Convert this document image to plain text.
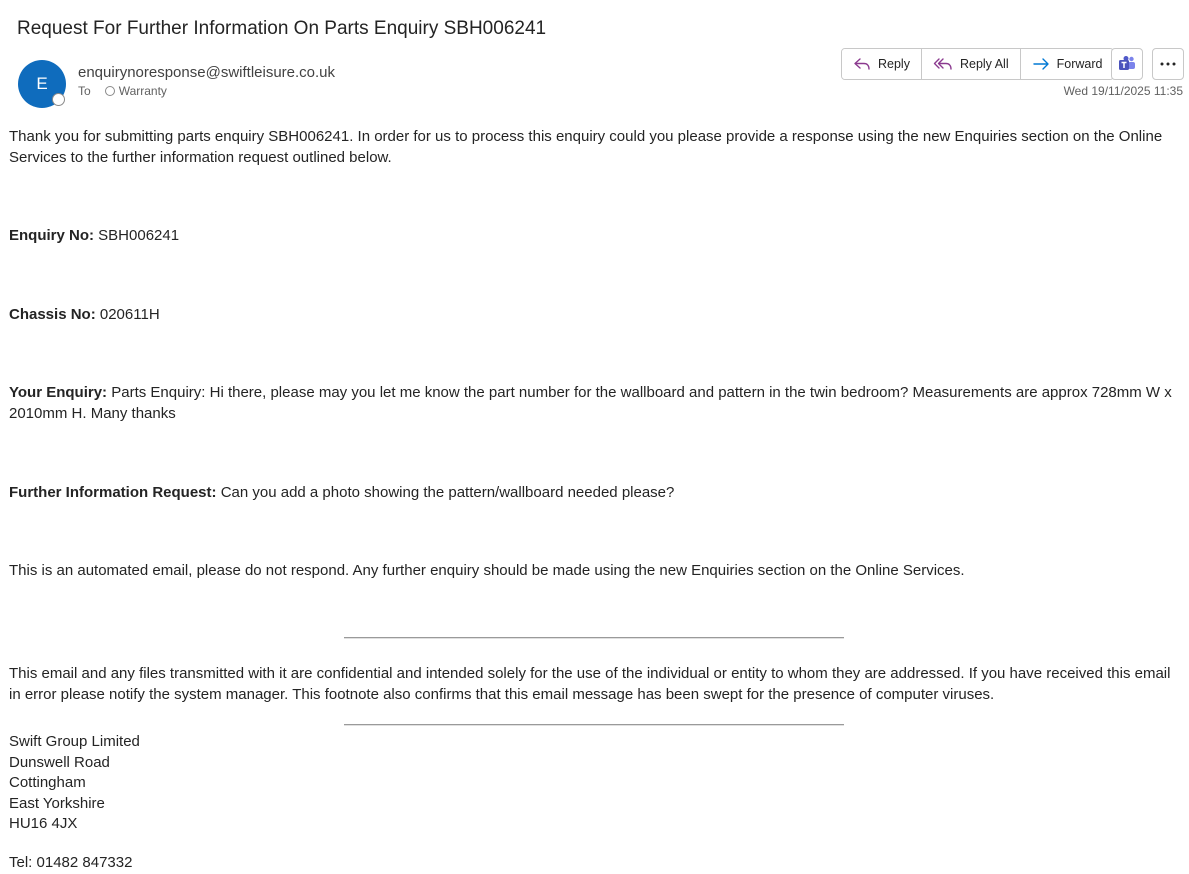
Request For Further Information On Parts Enquiry SBH006241
E
enquirynoresponse@swiftleisure.co.uk
To Warranty
Reply	Reply All	Forward
Wed 19/11/2025 11:35
Thank you for submitting parts enquiry SBH006241. In order for us to process this enquiry could you please provide a response using the new Enquiries section on the Online Services to the further information request outlined below.
Enquiry No: SBH006241
Chassis No: 020611H
Your Enquiry: Parts Enquiry: Hi there, please may you let me know the part number for the wallboard and pattern in the twin bedroom? Measurements are approx 728mm W x 2010mm H. Many thanks
Further Information Request: Can you add a photo showing the pattern/wallboard needed please?
This is an automated email, please do not respond. Any further enquiry should be made using the new Enquiries section on the Online Services.
This email and any files transmitted with it are confidential and intended solely for the use of the individual or entity to whom they are addressed. If you have received this email in error please notify the system manager. This footnote also confirms that this email message has been swept for the presence of computer viruses.
Swift Group Limited
Dunswell Road
Cottingham
East Yorkshire
HU16 4JX
Tel: 01482 847332
